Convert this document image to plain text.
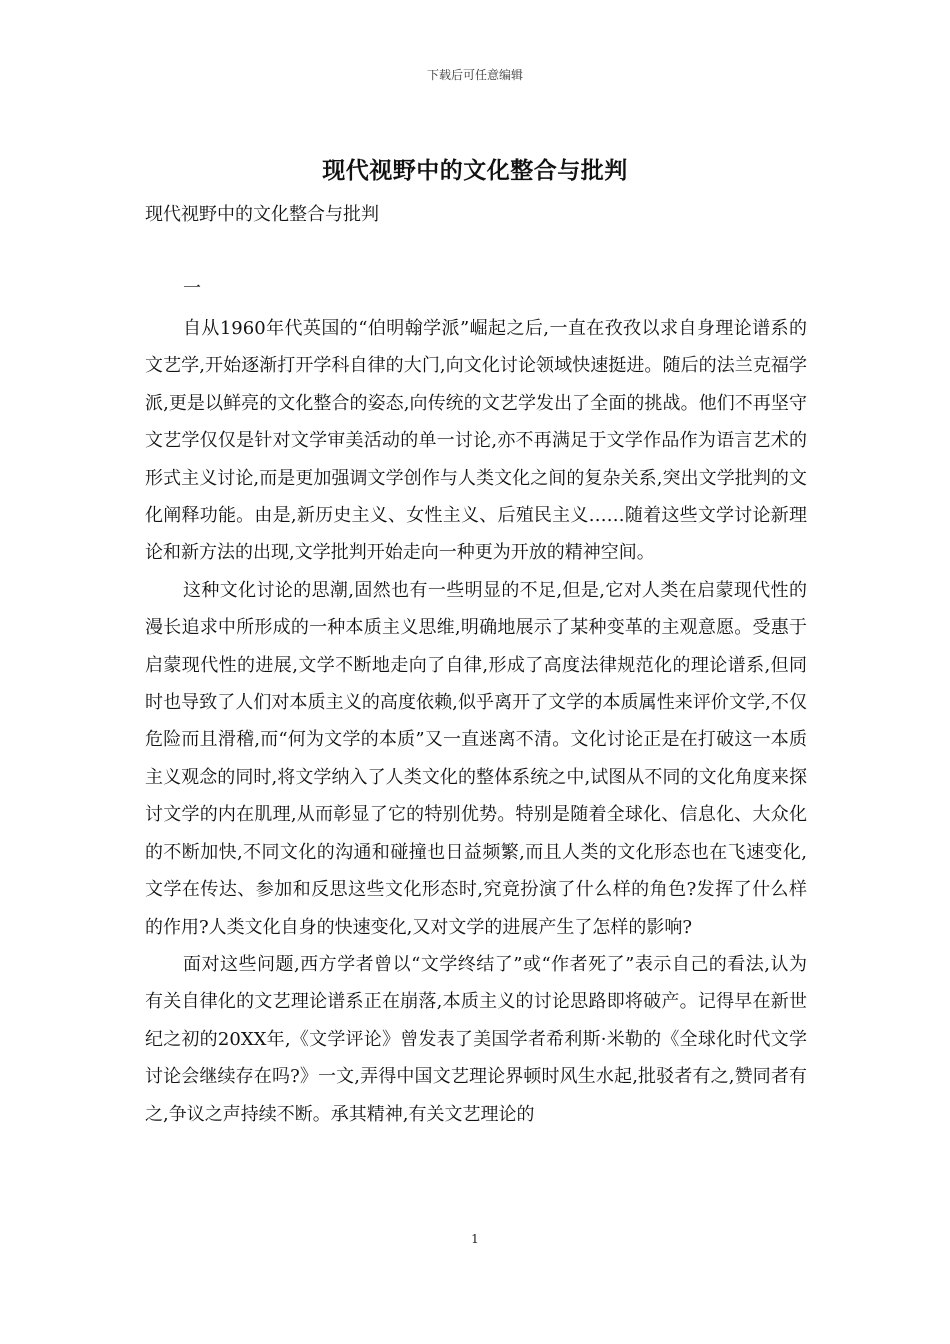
下载后可任意编辑
现代视野中的文化整合与批判
现代视野中的文化整合与批判
一

自从1960年代英国的“伯明翰学派”崛起之后,一直在孜孜以求自身理论谱系的文艺学,开始逐渐打开学科自律的大门,向文化讨论领域快速挺进。随后的法兰克福学派,更是以鲜亮的文化整合的姿态,向传统的文艺学发出了全面的挑战。他们不再坚守文艺学仅仅是针对文学审美活动的单一讨论,亦不再满足于文学作品作为语言艺术的形式主义讨论,而是更加强调文学创作与人类文化之间的复杂关系,突出文学批判的文化阐释功能。由是,新历史主义、女性主义、后殖民主义……随着这些文学讨论新理论和新方法的出现,文学批判开始走向一种更为开放的精神空间。

这种文化讨论的思潮,固然也有一些明显的不足,但是,它对人类在启蒙现代性的漫长追求中所形成的一种本质主义思维,明确地展示了某种变革的主观意愿。受惠于启蒙现代性的进展,文学不断地走向了自律,形成了高度法律规范化的理论谱系,但同时也导致了人们对本质主义的高度依赖,似乎离开了文学的本质属性来评价文学,不仅危险而且滑稽,而“何为文学的本质”又一直迷离不清。文化讨论正是在打破这一本质主义观念的同时,将文学纳入了人类文化的整体系统之中,试图从不同的文化角度来探讨文学的内在肌理,从而彰显了它的特别优势。特别是随着全球化、信息化、大众化的不断加快,不同文化的沟通和碰撞也日益频繁,而且人类的文化形态也在飞速变化,文学在传达、参加和反思这些文化形态时,究竟扮演了什么样的角色?发挥了什么样的作用?人类文化自身的快速变化,又对文学的进展产生了怎样的影响?

面对这些问题,西方学者曾以“文学终结了”或“作者死了”表示自己的看法,认为有关自律化的文艺理论谱系正在崩落,本质主义的讨论思路即将破产。记得早在新世纪之初的20XX年,《文学评论》曾发表了美国学者希利斯·米勒的《全球化时代文学讨论会继续存在吗?》一文,弄得中国文艺理论界顿时风生水起,批驳者有之,赞同者有之,争议之声持续不断。承其精神,有关文艺理论的

1
